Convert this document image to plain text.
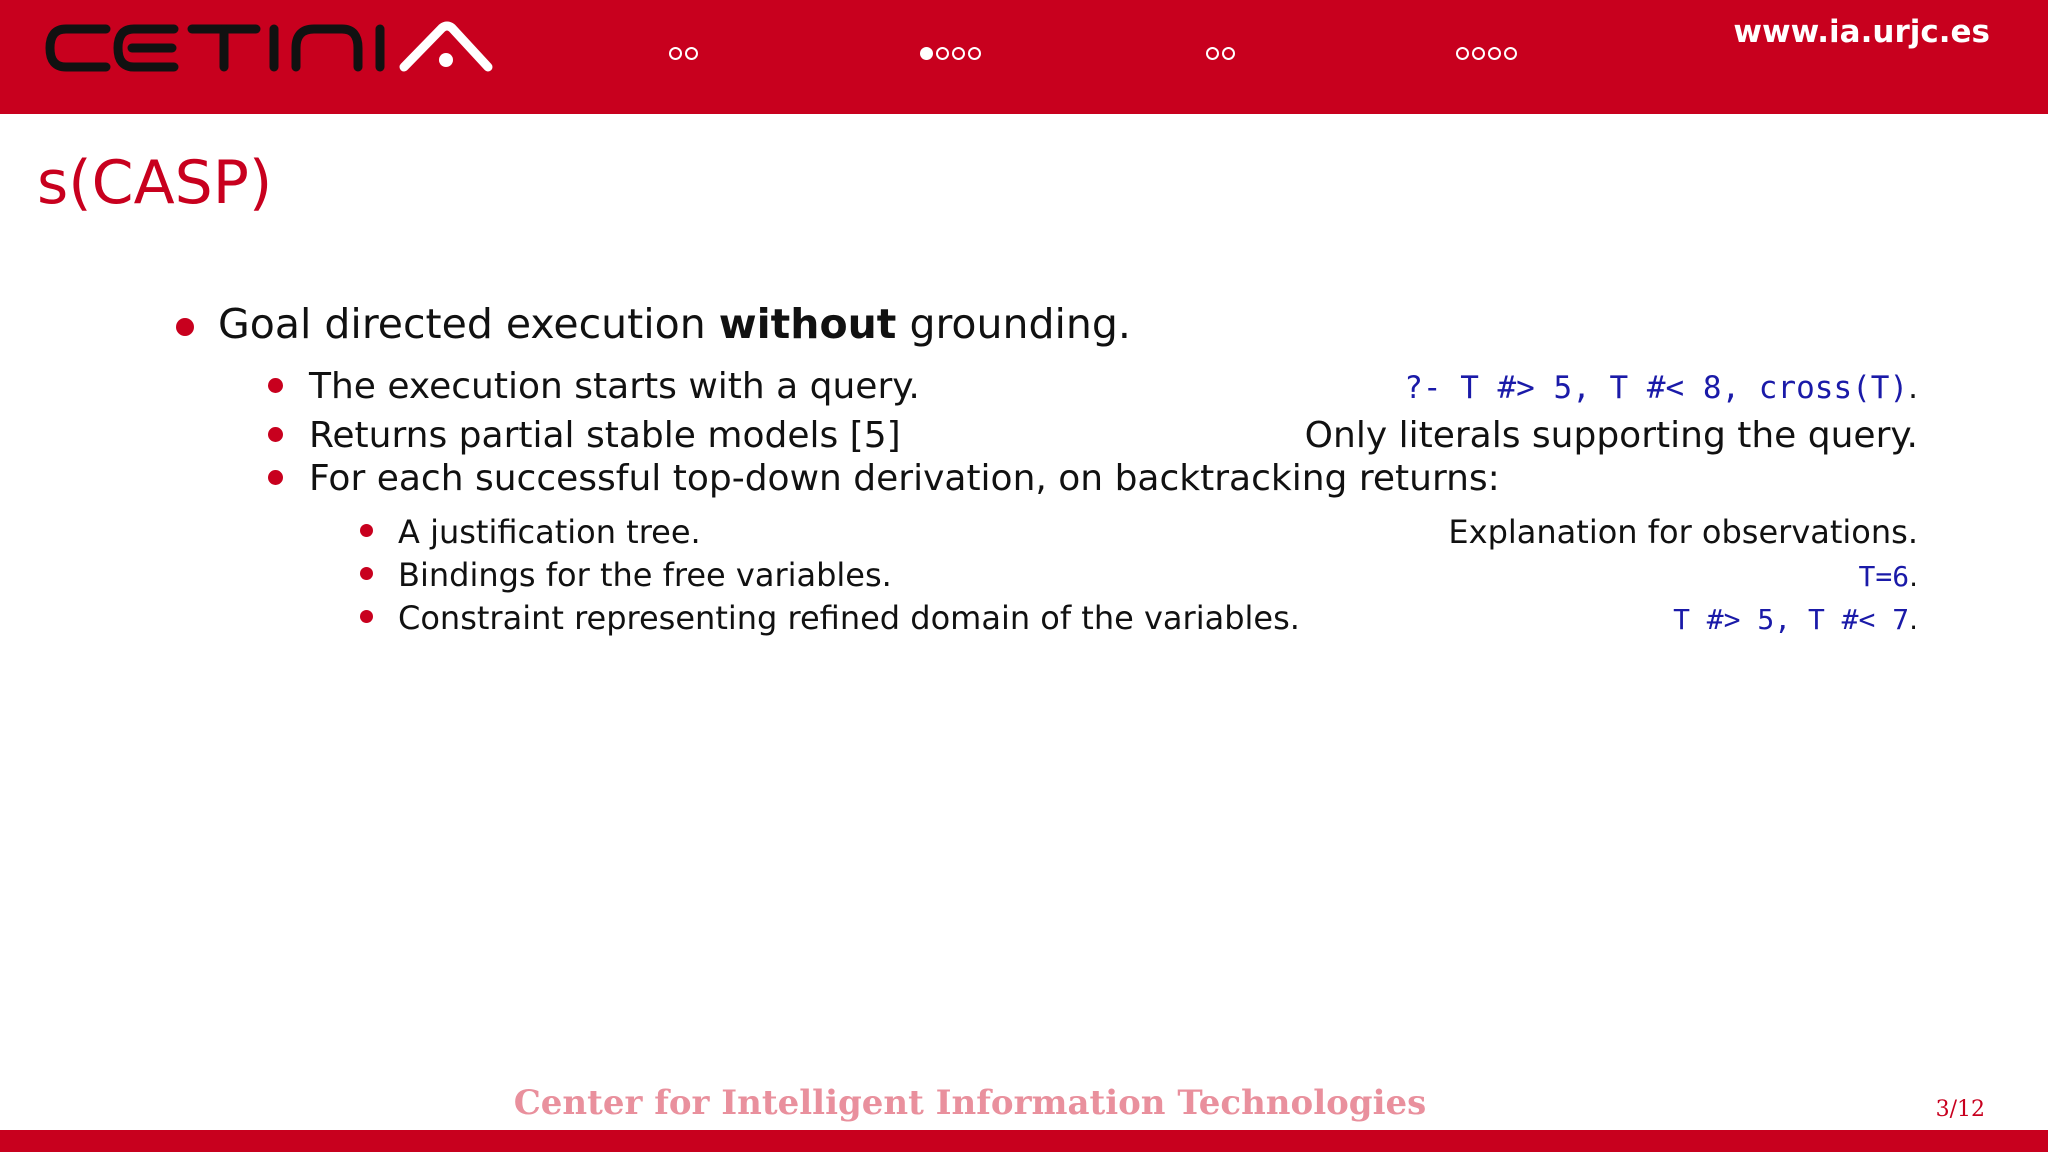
www.ia.urjc.es
s(CASP)
Goal directed execution without grounding.
The execution starts with a query.	?- T #> 5, T #< 8, cross(T).
Returns partial stable models [5]	Only literals supporting the query.
For each successful top-down derivation, on backtracking returns:
A justification tree.	Explanation for observations.
Bindings for the free variables.	T=6.
Constraint representing refined domain of the variables.	T #> 5, T #< 7.
Center for Intelligent Information Technologies	3/12
